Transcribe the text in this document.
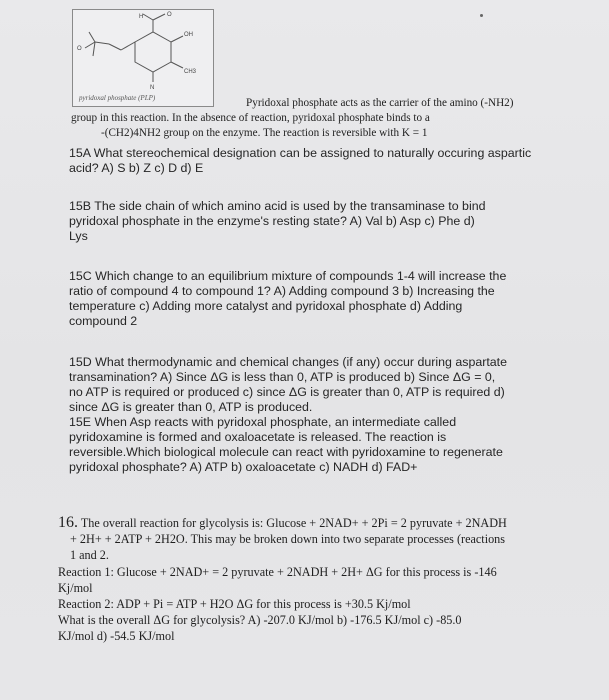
O
H	O
OH
CH3
N
pyridoxal phosphate (PLP)	Pyridoxal phosphate acts as the carrier of the amino (-NH2)
group in this reaction. In the absence of reaction, pyridoxal phosphate binds to a
-(CH2)4NH2 group on the enzyme. The reaction is reversible with K = 1
15A What stereochemical designation can be assigned to naturally occuring aspartic
acid? A) S b) Z c) D d) E
15B The side chain of which amino acid is used by the transaminase to bind
pyridoxal phosphate in the enzyme's resting state? A) Val b) Asp c) Phe d)
Lys
15C Which change to an equilibrium mixture of compounds 1-4 will increase the
ratio of compound 4 to compound 1? A) Adding compound 3 b) Increasing the
temperature c) Adding more catalyst and pyridoxal phosphate d) Adding
compound 2
15D What thermodynamic and chemical changes (if any) occur during aspartate
transamination? A) Since ΔG is less than 0, ATP is produced b) Since ΔG = 0,
no ATP is required or produced c) since ΔG is greater than 0, ATP is required d)
since ΔG is greater than 0, ATP is produced.
15E When Asp reacts with pyridoxal phosphate, an intermediate called
pyridoxamine is formed and oxaloacetate is released. The reaction is
reversible.Which biological molecule can react with pyridoxamine to regenerate
pyridoxal phosphate? A) ATP b) oxaloacetate c) NADH d) FAD+
16. The overall reaction for glycolysis is: Glucose + 2NAD+ + 2Pi = 2 pyruvate + 2NADH
+ 2H+ + 2ATP + 2H2O. This may be broken down into two separate processes (reactions
1 and 2.
Reaction 1: Glucose + 2NAD+ = 2 pyruvate + 2NADH + 2H+ ΔG for this process is -146
Kj/mol
Reaction 2: ADP + Pi = ATP + H2O ΔG for this process is +30.5 Kj/mol
What is the overall ΔG for glycolysis? A) -207.0 KJ/mol b) -176.5 KJ/mol c) -85.0
KJ/mol d) -54.5 KJ/mol
